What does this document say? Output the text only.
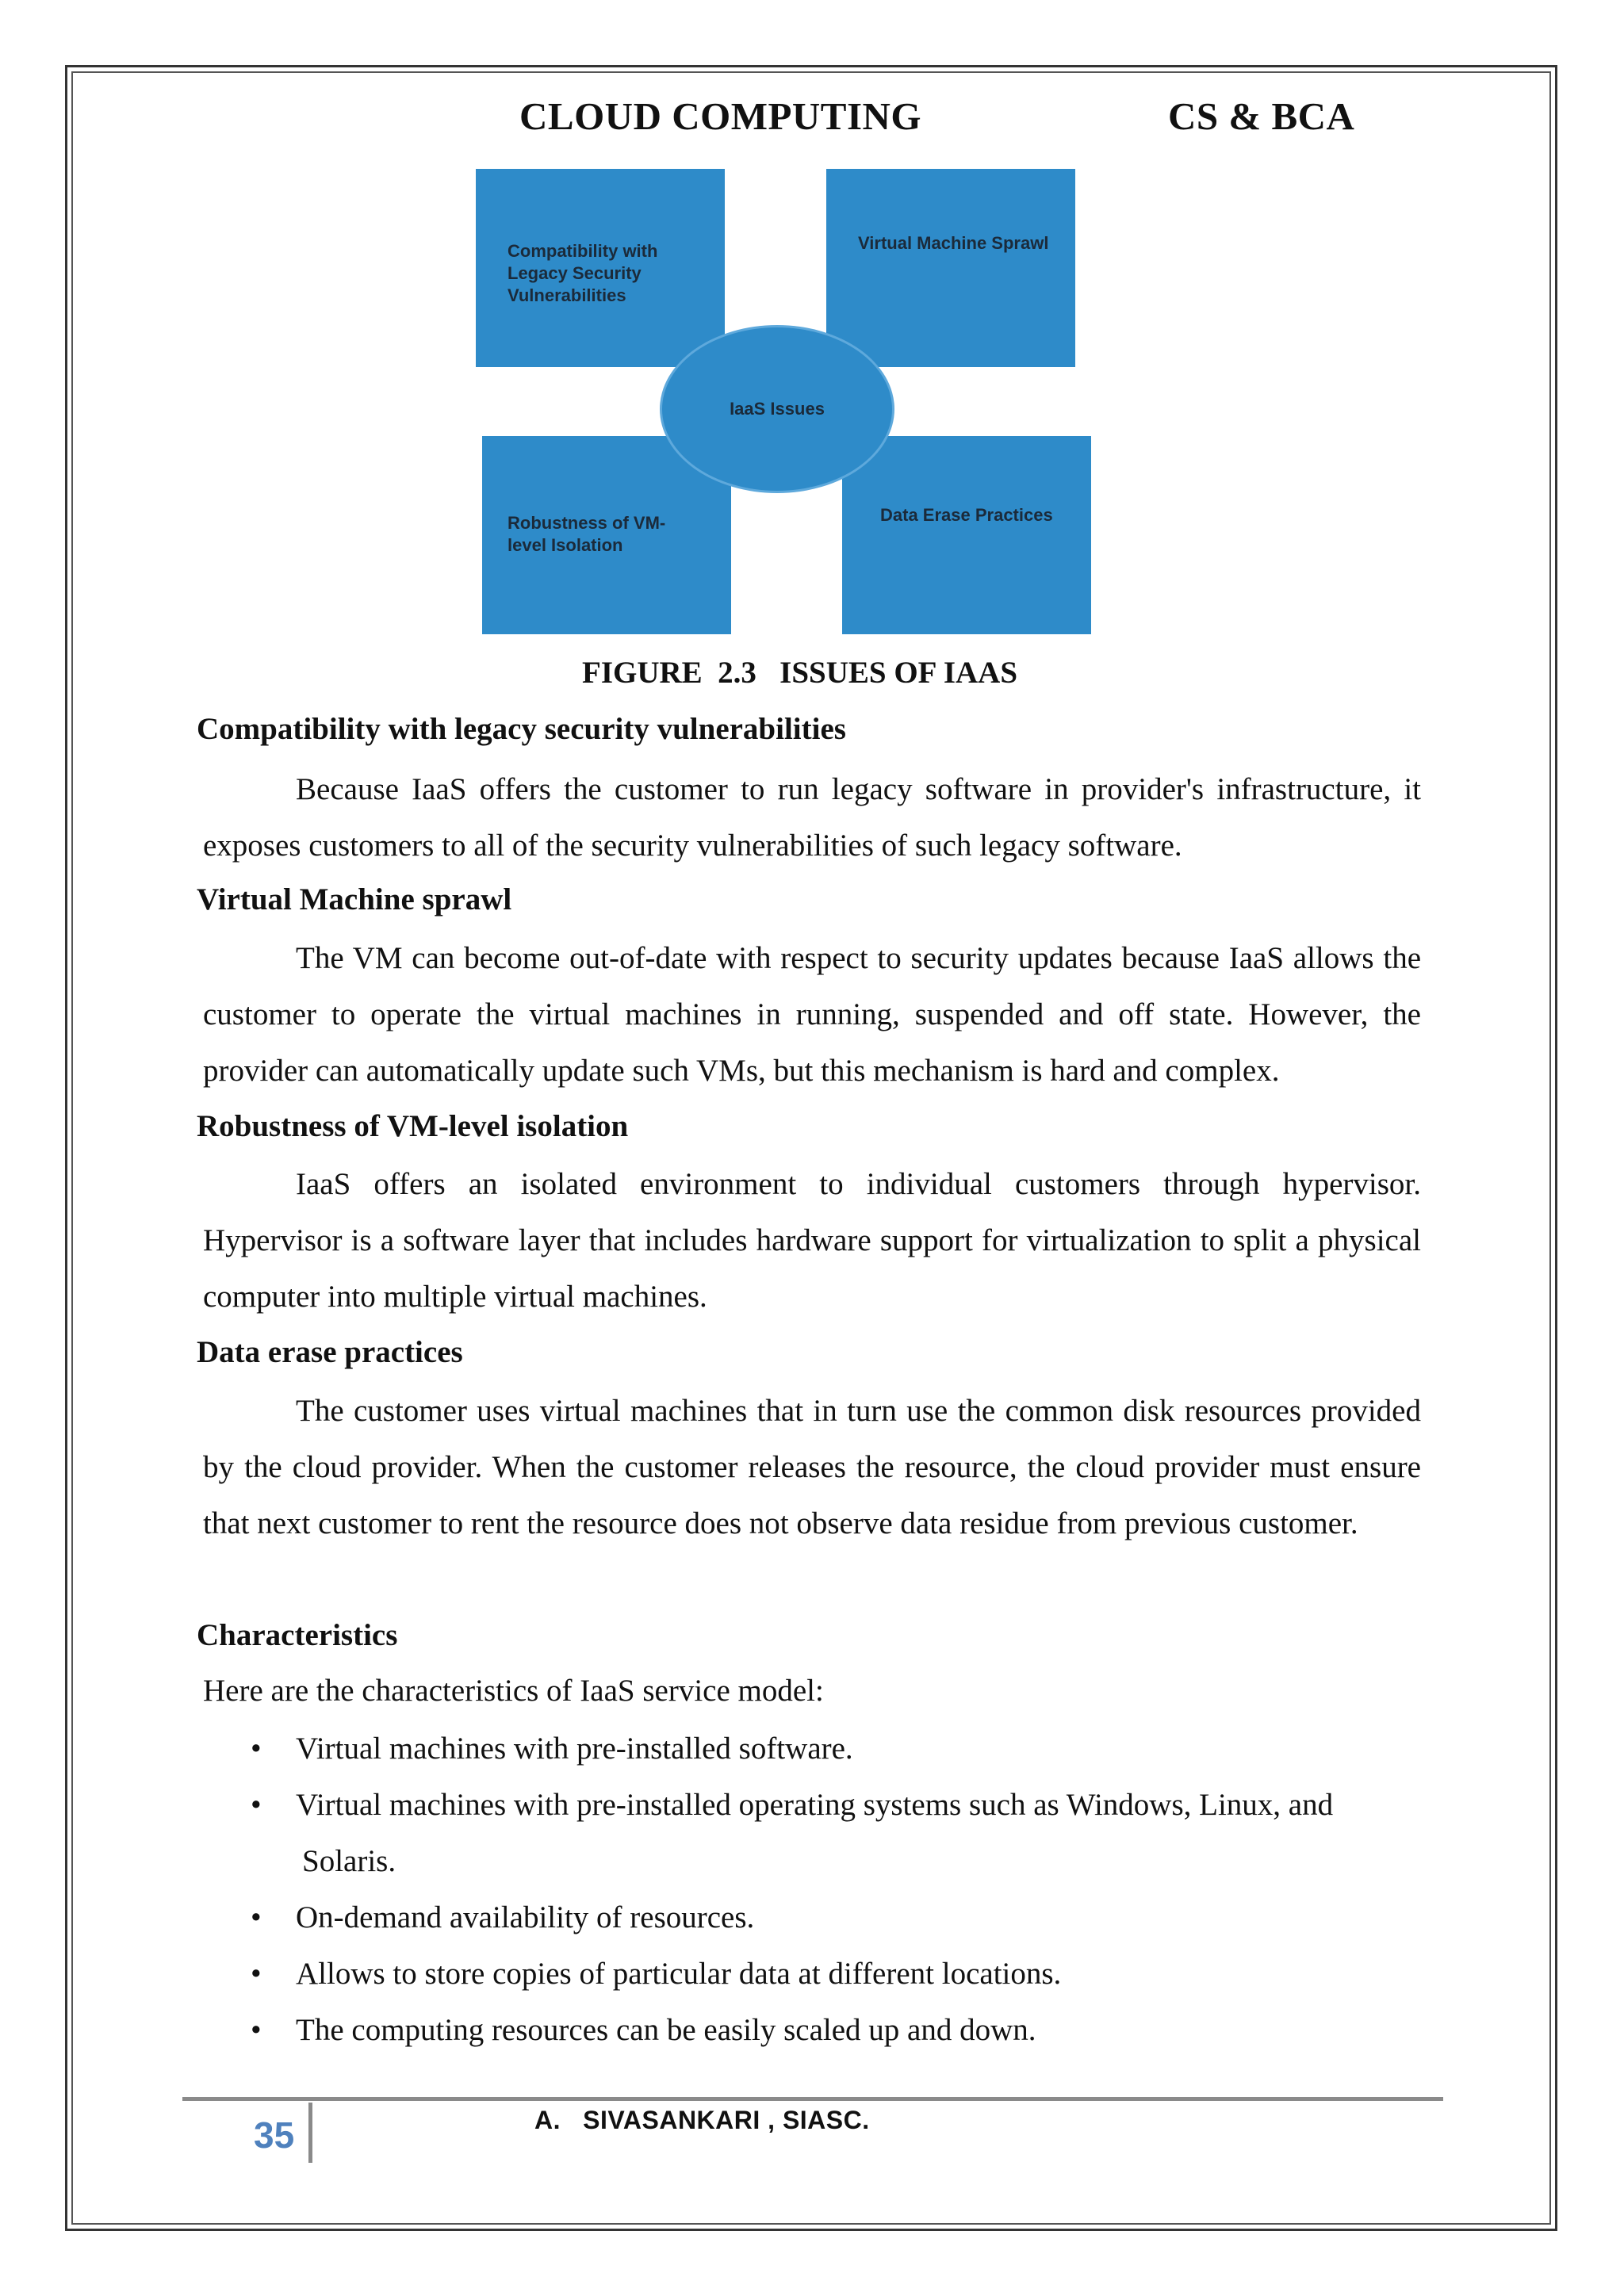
CLOUD COMPUTING	CS & BCA
Compatibility with Legacy Security Vulnerabilities
Virtual Machine Sprawl
Robustness of VM-level Isolation
Data Erase Practices
IaaS Issues
FIGURE  2.3   ISSUES OF IAAS
Compatibility with legacy security vulnerabilities

Because IaaS offers the customer to run legacy software in provider's infrastructure, it exposes customers to all of the security vulnerabilities of such legacy software.

Virtual Machine sprawl

The VM can become out-of-date with respect to security updates because IaaS allows the customer to operate the virtual machines in running, suspended and off state. However, the provider can automatically update such VMs, but this mechanism is hard and complex.

Robustness of VM-level isolation

IaaS offers an isolated environment to individual customers through hypervisor. Hypervisor is a software layer that includes hardware support for virtualization to split a physical computer into multiple virtual machines.

Data erase practices

The customer uses virtual machines that in turn use the common disk resources provided by the cloud provider. When the customer releases the resource, the cloud provider must ensure that next customer to rent the resource does not observe data residue from previous customer.

Characteristics
Here are the characteristics of IaaS service model:
• Virtual machines with pre-installed software.
• Virtual machines with pre-installed operating systems such as Windows, Linux, and
Solaris.
• On-demand availability of resources.
• Allows to store copies of particular data at different locations.
• The computing resources can be easily scaled up and down.
35	A.   SIVASANKARI , SIASC.
